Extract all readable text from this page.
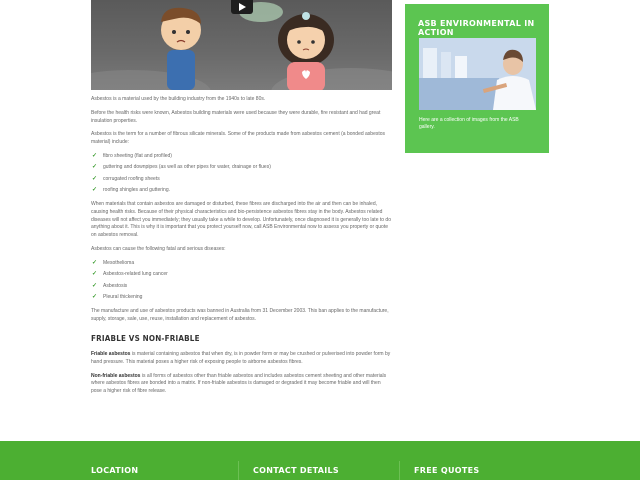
Asbestos is a material used by the building industry from the 1940s to late 80s.

Before the health risks were known, Asbestos building materials were used because they were durable, fire resistant and had great insulation properties.

Asbestos is the term for a number of fibrous silicate minerals. Some of the products made from asbestos cement (a bonded asbestos material) include:

✓ fibro sheeting (flat and profiled)
✓ guttering and downpipes (as well as other pipes for water, drainage or flues)
✓ corrugated roofing sheets
✓ roofing shingles and guttering.

When materials that contain asbestos are damaged or disturbed, these fibres are discharged into the air and then can be inhaled, causing health risks. Because of their physical characteristics and bio-persistence asbestos fibres stay in the body. Asbestos related diseases will not affect you immediately; they usually take a while to develop. Unfortunately, once diagnosed it is generally too late to do anything about it. This is why it is important that you protect yourself now, call ASB Environmental now to assess you property or quote on asbestos removal.

Asbestos can cause the following fatal and serious diseases:

✓ Mesothelioma
✓ Asbestos-related lung cancer
✓ Asbestosis
✓ Pleural thickening

The manufacture and use of asbestos products was banned in Australia from 31 December 2003. This ban applies to the manufacture, supply, storage, sale, use, reuse, installation and replacement of asbestos.

FRIABLE VS NON-FRIABLE

Friable asbestos is material containing asbestos that when dry, is in powder form or may be crushed or pulverised into powder form by hand pressure. This material poses a higher risk of exposing people to airborne asbestos fibres.

Non-friable asbestos is all forms of asbestos other than friable asbestos and includes asbestos cement sheeting and other materials where asbestos fibres are bonded into a matrix. If non-friable asbestos is damaged or degraded it may become friable and will then pose a higher risk of fibre release.

ASB ENVIRONMENTAL IN ACTION
Here are a collection of images from the ASB gallery.
LOCATION	CONTACT DETAILS	FREE QUOTES
